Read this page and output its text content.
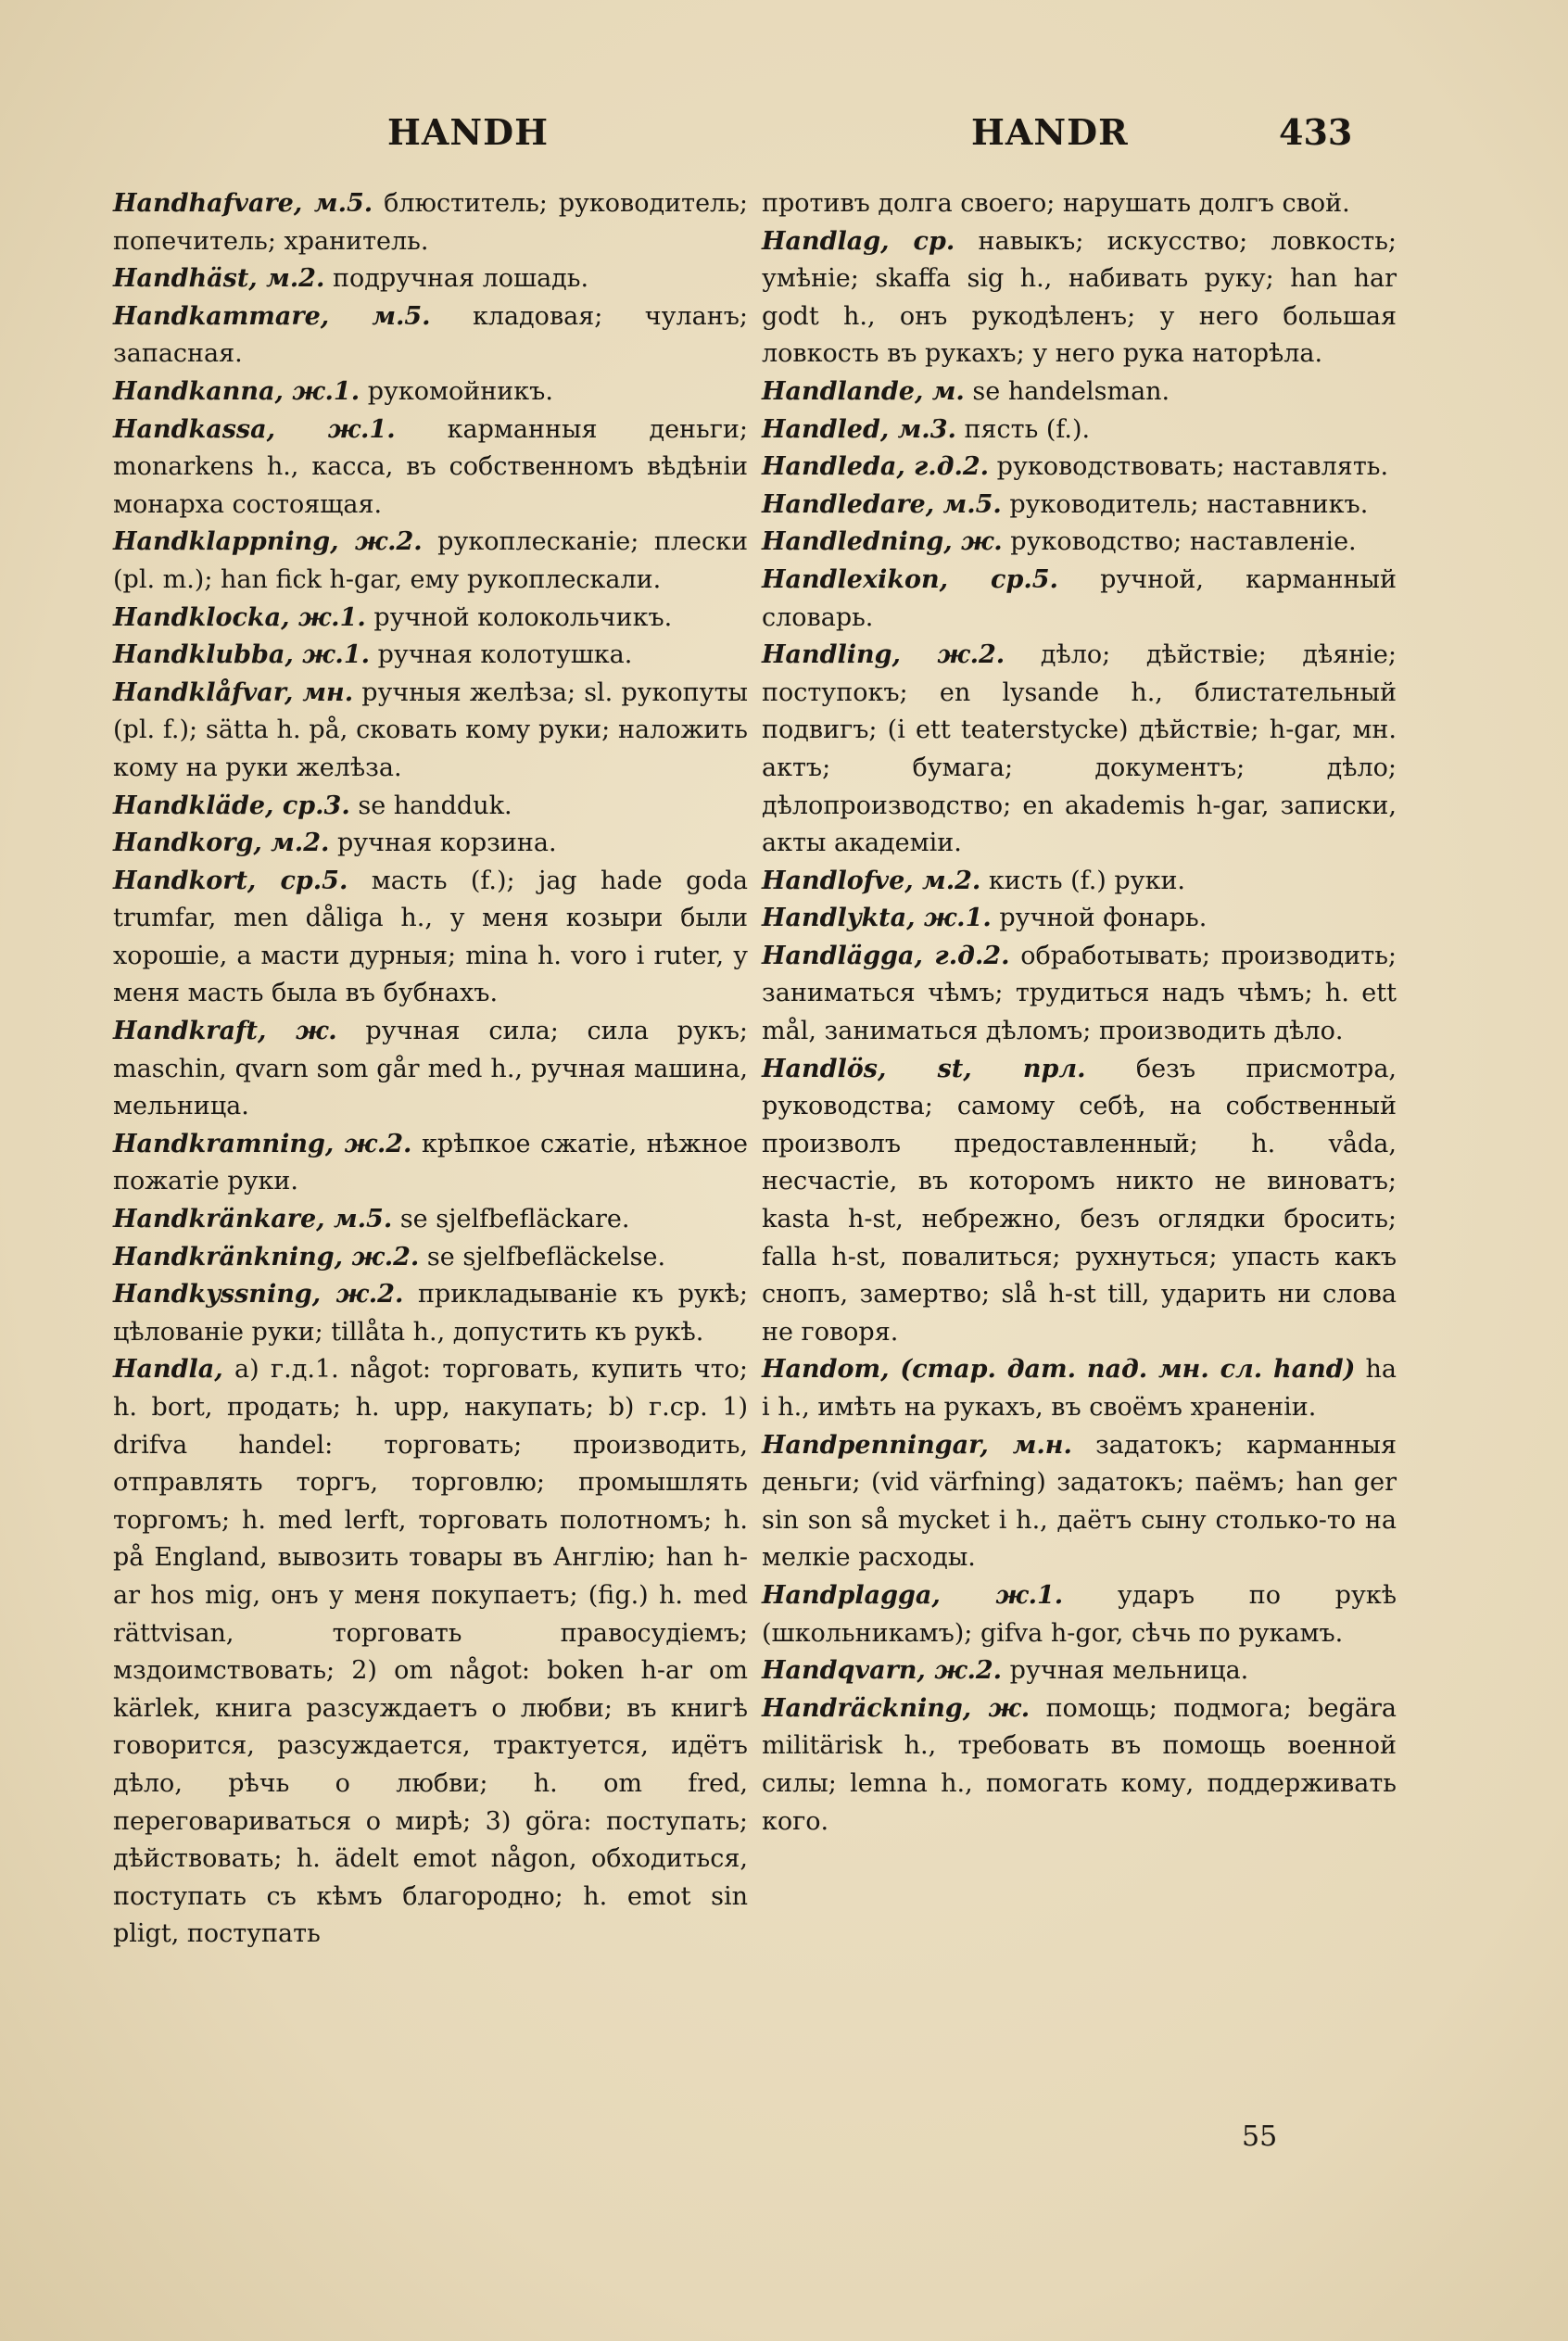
HANDH	HANDR	433

Handhafvare, м.5. блюститель; руководитель; попечитель; хранитель.

Handhäst, м.2. подручная лошадь.

Handkammare, м.5. кладовая; чуланъ; запасная.

Handkanna, ж.1. рукомойникъ.

Handkassa, ж.1. карманныя деньги; monarkens h., касса, въ собственномъ вѣдѣніи монарха состоящая.

Handklappning, ж.2. рукоплесканіе; плески (pl. m.); han fick h-gar, ему рукоплескали.

Handklocka, ж.1. ручной колокольчикъ.

Handklubba, ж.1. ручная колотушка.

Handklåfvar, мн. ручныя желѣза; sl. рукопуты (pl. f.); sätta h. på, сковать кому руки; наложить кому на руки желѣза.

Handkläde, ср.3. se handduk.

Handkorg, м.2. ручная корзина.

Handkort, ср.5. масть (f.); jag hade goda trumfar, men dåliga h., у меня козыри были хорошіе, а масти дурныя; mina h. voro i ruter, у меня масть была въ бубнахъ.

Handkraft, ж. ручная сила; сила рукъ; maschin, qvarn som går med h., ручная машина, мельница.

Handkramning, ж.2. крѣпкое сжатіе, нѣжное пожатіе руки.

Handkränkare, м.5. se sjelfbefläckare.

Handkränkning, ж.2. se sjelfbefläckelse.

Handkyssning, ж.2. прикладываніе къ рукѣ; цѣлованіе руки; tillåta h., допустить къ рукѣ.

Handla, a) г.д.1. något: торговать, купить что; h. bort, продать; h. upp, накупать; b) г.ср. 1) drifva handel: торговать; производить, отправлять торгъ, торговлю; промышлять торгомъ; h. med lerft, торговать полотномъ; h. på England, вывозить товары въ Англію; han h-ar hos mig, онъ у меня покупаетъ; (fig.) h. med rättvisan, торговать правосудіемъ; мздоимствовать; 2) om något: boken h-ar om kärlek, книга разсуждаетъ о любви; въ книгѣ говорится, разсуждается, трактуется, идётъ дѣло, рѣчь о любви; h. om fred, переговариваться о мирѣ; 3) göra: поступать; дѣйствовать; h. ädelt emot någon, обходиться, поступать съ кѣмъ благородно; h. emot sin pligt, поступать

противъ долга своего; нарушать долгъ свой.

Handlag, ср. навыкъ; искусство; ловкость; умѣніе; skaffa sig h., набивать руку; han har godt h., онъ рукодѣленъ; у него большая ловкость въ рукахъ; у него рука наторѣла.

Handlande, м. se handelsman.

Handled, м.3. пясть (f.).

Handleda, г.д.2. руководствовать; наставлять.

Handledare, м.5. руководитель; наставникъ.

Handledning, ж. руководство; наставленіе.

Handlexikon, ср.5. ручной, карманный словарь.

Handling, ж.2. дѣло; дѣйствіе; дѣяніе; поступокъ; en lysande h., блистательный подвигъ; (i ett teaterstycke) дѣйствіе; h-gar, мн. актъ; бумага; документъ; дѣло; дѣлопроизводство; en akademis h-gar, записки, акты академіи.

Handlofve, м.2. кисть (f.) руки.

Handlykta, ж.1. ручной фонарь.

Handlägga, г.д.2. обработывать; производить; заниматься чѣмъ; трудиться надъ чѣмъ; h. ett mål, заниматься дѣломъ; производить дѣло.

Handlös, st, прл. безъ присмотра, руководства; самому себѣ, на собственный произволъ предоставленный; h. våda, несчастіе, въ которомъ никто не виноватъ; kasta h-st, небрежно, безъ оглядки бросить; falla h-st, повалиться; рухнуться; упасть какъ снопъ, замертво; slå h-st till, ударить ни слова не говоря.

Handom, (стар. дат. пад. мн. сл. hand) ha i h., имѣть на рукахъ, въ своёмъ храненіи.

Handpenningar, м.н. задатокъ; карманныя деньги; (vid värfning) задатокъ; паёмъ; han ger sin son så mycket i h., даётъ сыну столько-то на мелкіе расходы.

Handplagga, ж.1. ударъ по рукѣ (школьникамъ); gifva h-gor, сѣчь по рукамъ.

Handqvarn, ж.2. ручная мельница.

Handräckning, ж. помощь; подмога; begära militärisk h., требовать въ помощь военной силы; lemna h., помогать кому, поддерживать кого.

55
